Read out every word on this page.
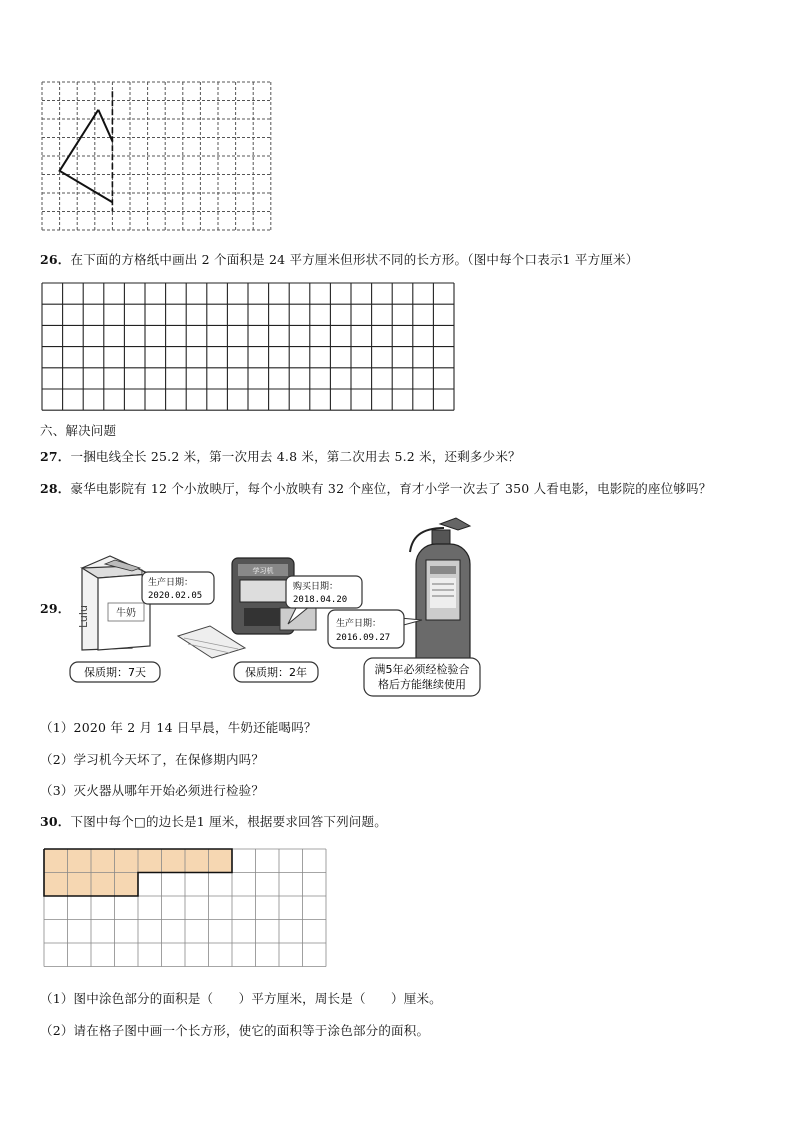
26．在下面的方格纸中画出 2 个面积是 24 平方厘米但形状不同的长方形。（图中每个口表示1 平方厘米）
六、解决问题
27．一捆电线全长 25.2 米，第一次用去 4.8 米，第二次用去 5.2 米，还剩多少米？
28．豪华电影院有 12 个小放映厅，每个小放映有 32 个座位，育才小学一次去了 350 人看电影，电影院的座位够吗？
29． Lulu	牛奶
生产日期：
2020.02.05
保质期：7天
学习机
购买日期：
2018.04.20
保质期：2年
生产日期：
2016.09.27
满5年必须经检验合
格后方能继续使用
（1）2020 年 2 月 14 日早晨，牛奶还能喝吗？
（2）学习机今天坏了，在保修期内吗？
（3）灭火器从哪年开始必须进行检验？
30．下图中每个□的边长是1 厘米，根据要求回答下列问题。
（1）图中涂色部分的面积是（　　）平方厘米，周长是（　　）厘米。
（2）请在格子图中画一个长方形，使它的面积等于涂色部分的面积。
